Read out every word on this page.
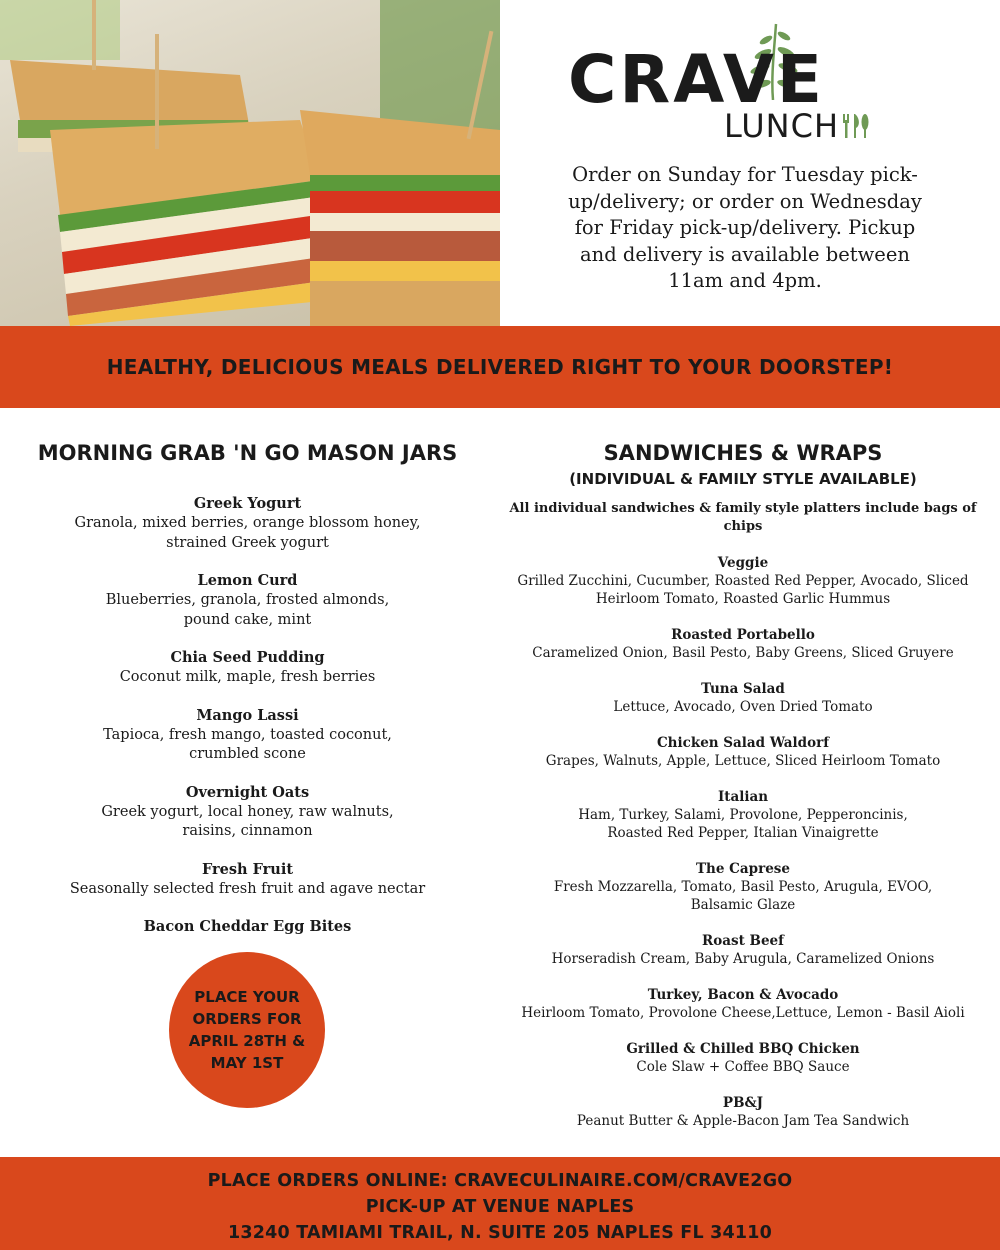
CRAVE
LUNCH
Order on Sunday for Tuesday pick-up/delivery; or order on Wednesday for Friday pick-up/delivery. Pickup and delivery is available between 11am and 4pm.
HEALTHY, DELICIOUS MEALS DELIVERED RIGHT TO YOUR DOORSTEP!
MORNING GRAB 'N GO MASON JARS
Greek Yogurt
Granola, mixed berries, orange blossom honey,
strained Greek yogurt
Lemon Curd
Blueberries, granola, frosted almonds,
pound cake, mint
Chia Seed Pudding
Coconut milk, maple, fresh berries
Mango Lassi
Tapioca, fresh mango, toasted coconut,
crumbled scone
Overnight Oats
Greek yogurt, local honey, raw walnuts,
raisins, cinnamon
Fresh Fruit
Seasonally selected fresh fruit and agave nectar
Bacon Cheddar Egg Bites
PLACE YOUR
ORDERS FOR
APRIL 28TH &
MAY 1ST
SANDWICHES & WRAPS
(INDIVIDUAL & FAMILY STYLE AVAILABLE)
All individual sandwiches & family style platters include bags of chips
Veggie
Grilled Zucchini, Cucumber, Roasted Red Pepper, Avocado, Sliced
Heirloom Tomato, Roasted Garlic Hummus
Roasted Portabello
Caramelized Onion, Basil Pesto, Baby Greens, Sliced Gruyere
Tuna Salad
Lettuce, Avocado, Oven Dried Tomato
Chicken Salad Waldorf
Grapes, Walnuts, Apple, Lettuce, Sliced Heirloom Tomato
Italian
Ham, Turkey, Salami, Provolone, Pepperoncinis,
Roasted Red Pepper, Italian Vinaigrette
The Caprese
Fresh Mozzarella, Tomato, Basil Pesto, Arugula, EVOO,
Balsamic Glaze
Roast Beef
Horseradish Cream, Baby Arugula, Caramelized Onions
Turkey, Bacon & Avocado
Heirloom Tomato, Provolone Cheese,Lettuce, Lemon - Basil Aioli
Grilled & Chilled BBQ Chicken
Cole Slaw + Coffee BBQ Sauce
PB&J
Peanut Butter & Apple-Bacon Jam Tea Sandwich
PLACE ORDERS ONLINE: CRAVECULINAIRE.COM/CRAVE2GO
PICK-UP AT VENUE NAPLES
13240 TAMIAMI TRAIL, N. SUITE 205 NAPLES FL 34110
